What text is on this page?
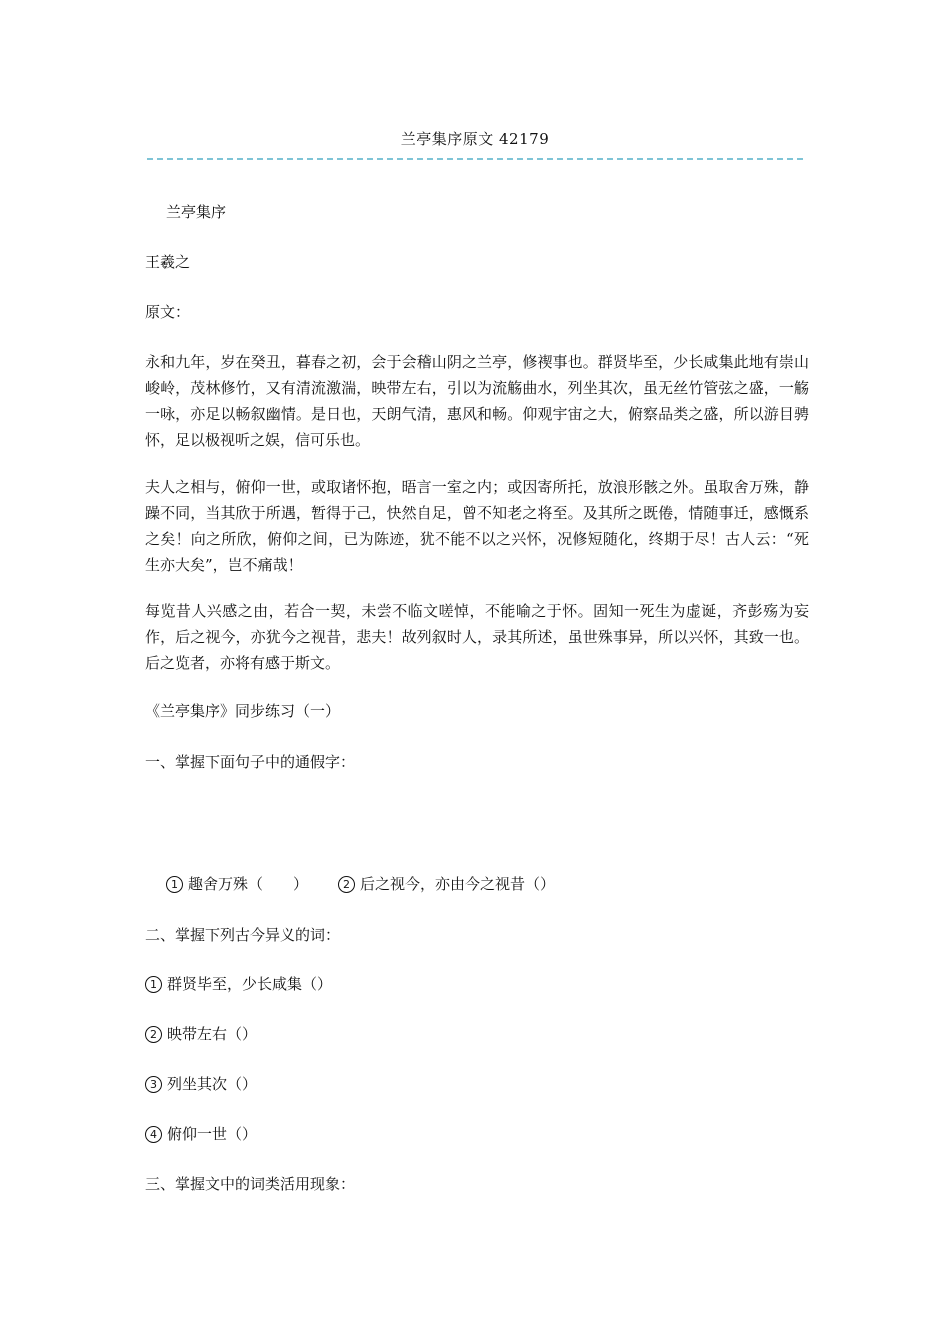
兰亭集序原文 42179

兰亭集序

王羲之

原文：

永和九年，岁在癸丑，暮春之初，会于会稽山阴之兰亭，修禊事也。群贤毕至，少长咸集此地有崇山峻岭，茂林修竹，又有清流激湍，映带左右，引以为流觞曲水，列坐其次，虽无丝竹管弦之盛，一觞一咏，亦足以畅叙幽情。是日也，天朗气清，惠风和畅。仰观宇宙之大，俯察品类之盛，所以游目骋怀，足以极视听之娱，信可乐也。

夫人之相与，俯仰一世，或取诸怀抱，晤言一室之内；或因寄所托，放浪形骸之外。虽取舍万殊，静躁不同，当其欣于所遇，暂得于己，快然自足，曾不知老之将至。及其所之既倦，情随事迁，感慨系之矣！向之所欣，俯仰之间，已为陈迹，犹不能不以之兴怀，况修短随化，终期于尽！古人云：“死生亦大矣”，岂不痛哉！

每览昔人兴感之由，若合一契，未尝不临文嗟悼，不能喻之于怀。固知一死生为虚诞，齐彭殇为妄作，后之视今，亦犹今之视昔，悲夫！故列叙时人，录其所述，虽世殊事异，所以兴怀，其致一也。后之览者，亦将有感于斯文。

《兰亭集序》同步练习（一）

一、掌握下面句子中的通假字：

1 趣舍万殊（　　）	2 后之视今，亦由今之视昔（）

二、掌握下列古今异义的词：

1 群贤毕至，少长咸集（）

2 映带左右（）

3 列坐其次（）

4 俯仰一世（）

三、掌握文中的词类活用现象：
